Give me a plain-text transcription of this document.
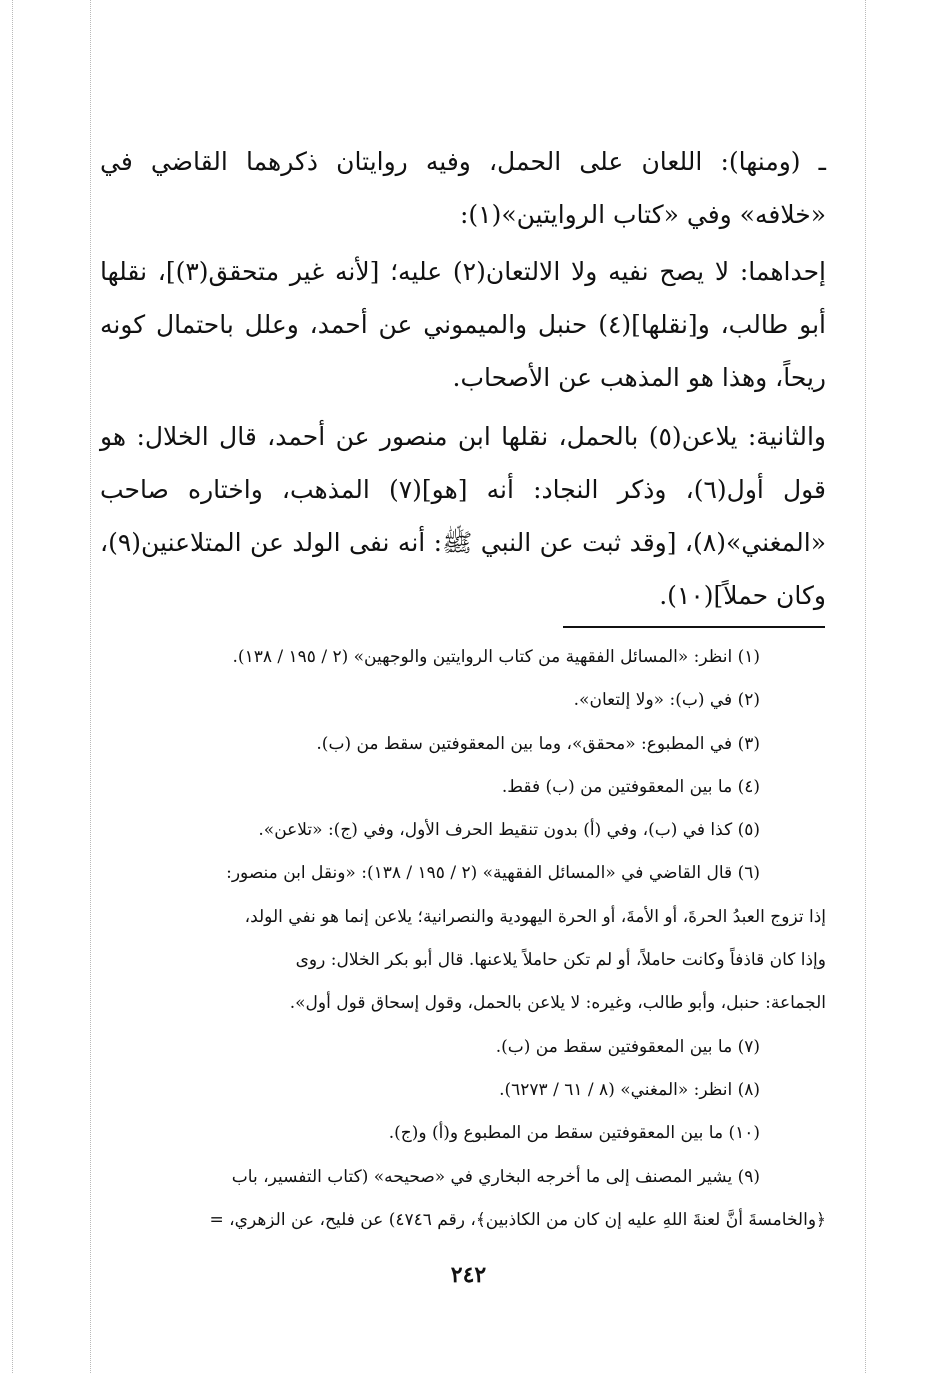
ـ (ومنها): اللعان على الحمل، وفيه روايتان ذكرهما القاضي في «خلافه» وفي «كتاب الروايتين»(١):

إحداهما: لا يصح نفيه ولا الالتعان(٢) عليه؛ [لأنه غير متحقق(٣)]، نقلها أبو طالب، و[نقلها](٤) حنبل والميموني عن أحمد، وعلل باحتمال كونه ريحاً، وهذا هو المذهب عن الأصحاب.

والثانية: يلاعن(٥) بالحمل، نقلها ابن منصور عن أحمد، قال الخلال: هو قول أول(٦)، وذكر النجاد: أنه [هو](٧) المذهب، واختاره صاحب «المغني»(٨)، [وقد ثبت عن النبي ﷺ: أنه نفى الولد عن المتلاعنين(٩)، وكان حملاً](١٠).

(١) انظر: «المسائل الفقهية من كتاب الروايتين والوجهين» (٢ / ١٩٥ / ١٣٨).
(٢) في (ب): «ولا إلتعان».
(٣) في المطبوع: «محقق»، وما بين المعقوفتين سقط من (ب).
(٤) ما بين المعقوفتين من (ب) فقط.
(٥) كذا في (ب)، وفي (أ) بدون تنقيط الحرف الأول، وفي (ج): «تلاعن».
(٦) قال القاضي في «المسائل الفقهية» (٢ / ١٩٥ / ١٣٨): «ونقل ابن منصور:
إذا تزوج العبدُ الحرةَ، أو الأمةَ، أو الحرة اليهودية والنصرانية؛ يلاعن إنما هو نفي الولد،
وإذا كان قاذفاً وكانت حاملاً، أو لم تكن حاملاً يلاعنها. قال أبو بكر الخلال: روى
الجماعة: حنبل، وأبو طالب، وغيره: لا يلاعن بالحمل، وقول إسحاق قول أول».
(٧) ما بين المعقوفتين سقط من (ب).
(٨) انظر: «المغني» (٨ / ٦١ / ٦٢٧٣).
(١٠) ما بين المعقوفتين سقط من المطبوع و(أ) و(ج).
(٩) يشير المصنف إلى ما أخرجه البخاري في «صحيحه» (كتاب التفسير، باب
﴿والخامسةَ أنَّ لعنةَ اللهِ عليه إن كان من الكاذبين﴾، رقم ٤٧٤٦) عن فليح، عن الزهري، =
٢٤٢
